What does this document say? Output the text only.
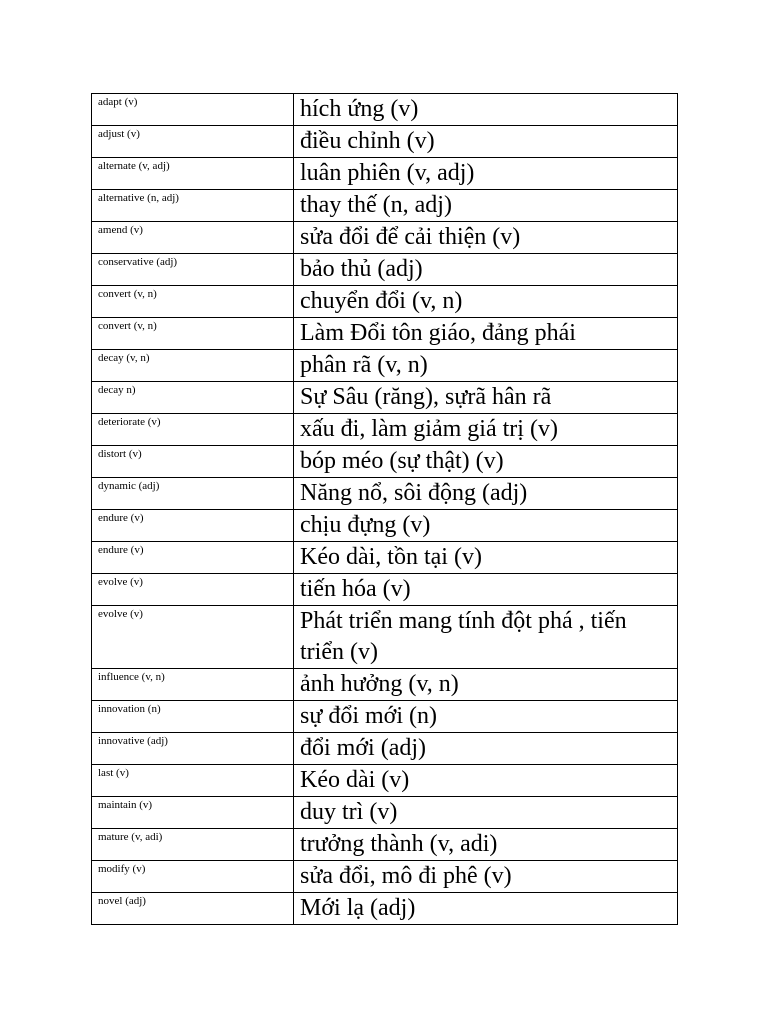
adapt (v)	hích ứng (v)
adjust (v)	điều chỉnh (v)
alternate (v, adj)	luân phiên (v, adj)
alternative (n, adj)	thay thế (n, adj)
amend (v)	sửa đổi để cải thiện (v)
conservative (adj)	bảo thủ (adj)
convert (v, n)	chuyển đổi (v, n)
convert (v, n)	Làm Đổi tôn giáo, đảng phái
decay (v, n)	phân rã (v, n)
decay n)	Sự Sâu (răng), sựrã hân rã
deteriorate (v)	xấu đi, làm giảm giá trị (v)
distort (v)	bóp méo (sự thật) (v)
dynamic (adj)	Năng nổ, sôi động (adj)
endure (v)	chịu đựng (v)
endure (v)	Kéo dài, tồn tại (v)
evolve (v)	tiến hóa (v)
evolve (v)	Phát triển mang tính đột phá , tiến triển (v)
influence (v, n)	ảnh hưởng (v, n)
innovation (n)	sự đổi mới (n)
innovative (adj)	đổi mới (adj)
last (v)	Kéo dài (v)
maintain (v)	duy trì (v)
mature (v, adi)	trưởng thành (v, adi)
modify (v)	sửa đổi, mô đi phê (v)
novel (adj)	Mới lạ (adj)
